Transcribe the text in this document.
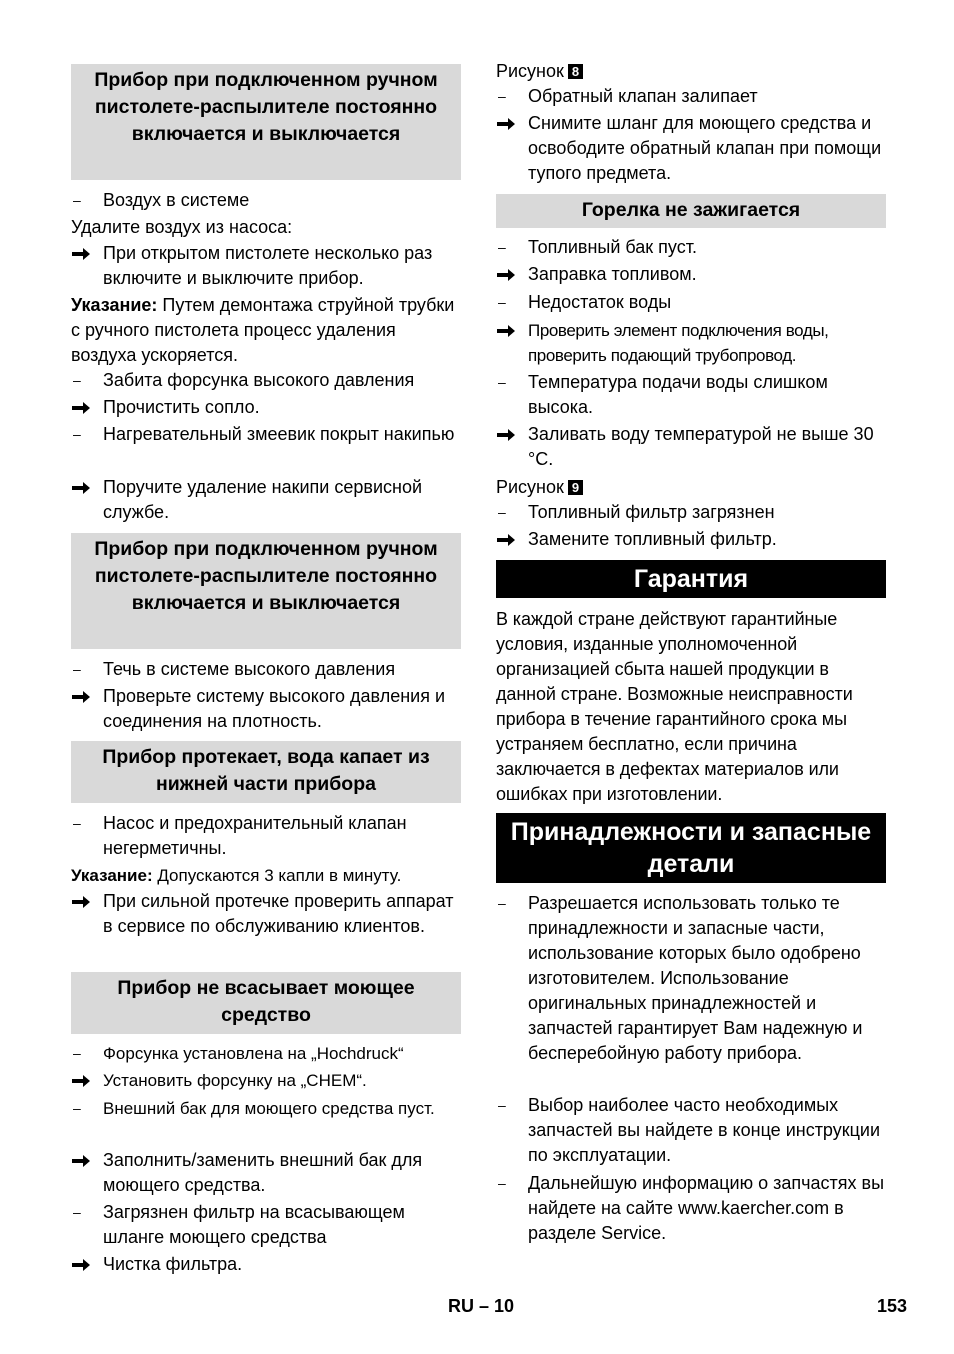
Прибор при подключенном ручном пистолете-распылителе постоянно включается и выключается
–	Воздух в системе
Удалите воздух из насоса:
При открытом пистолете несколько раз включите и выключите прибор.
Указание: Путем демонтажа струйной трубки с ручного пистолета процесс удаления воздуха ускоряется.
–	Забита форсунка высокого давления
Прочистить сопло.
–	Нагревательный змеевик покрыт накипью
Поручите удаление накипи сервисной службе.
Прибор при подключенном ручном пистолете-распылителе постоянно включается и выключается
–	Течь в системе высокого давления
Проверьте систему высокого давления и соединения на плотность.
Прибор протекает, вода капает из нижней части прибора
–	Насос и предохранительный клапан негерметичны.
Указание: Допускаются 3 капли в минуту.
При сильной протечке проверить аппарат в сервисе по обслуживанию клиентов.
Прибор не всасывает моющее средство
–	Форсунка установлена на „Hochdruck“
Установить форсунку на „CHEM“.
–	Внешний бак для моющего средства пуст.
Заполнить/заменить внешний бак для моющего средства.
–	Загрязнен фильтр на всасывающем шланге моющего средства
Чистка фильтра.
Рисунок 8
–	Обратный клапан залипает
Снимите шланг для моющего средства и освободите обратный клапан при помощи тупого предмета.
Горелка не зажигается
–	Топливный бак пуст.
Заправка топливом.
–	Недостаток воды
Проверить элемент подключения воды, проверить подающий трубопровод.
–	Температура подачи воды слишком высока.
Заливать воду температурой не выше 30 °C.
Рисунок 9
–	Топливный фильтр загрязнен
Замените топливный фильтр.
Гарантия
В каждой стране действуют гарантийные условия, изданные уполномоченной организацией сбыта нашей продукции в данной стране. Возможные неисправности прибора в течение гарантийного срока мы устраняем бесплатно, если причина заключается в дефектах материалов или ошибках при изготовлении.
Принадлежности и запасные детали
–	Разрешается использовать только те принадлежности и запасные части, использование которых было одобрено изготовителем. Использование оригинальных принадлежностей и запчастей гарантирует Вам надежную и бесперебойную работу прибора.
–	Выбор наиболее часто необходимых запчастей вы найдете в конце инструкции по эксплуатации.
–	Дальнейшую информацию о запчастях вы найдете на сайте www.kaercher.com в разделе Service.
RU – 10	153
